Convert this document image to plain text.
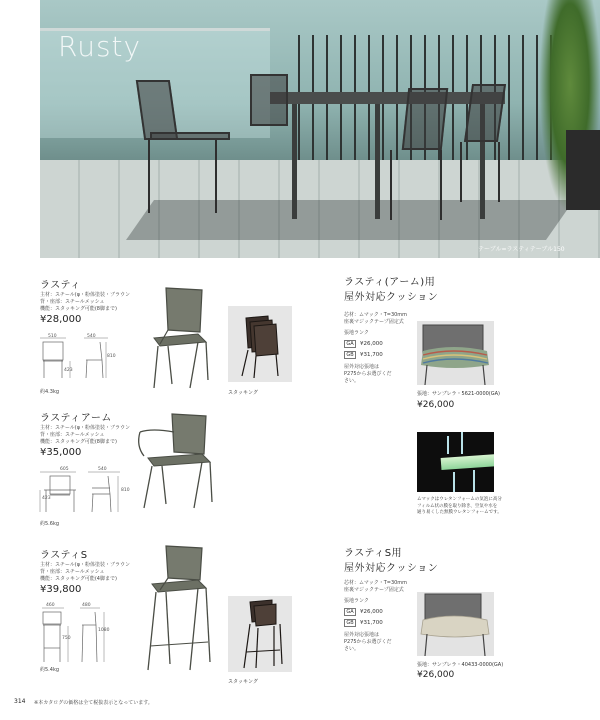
Rusty
テーブル=ラスティテーブル150
ラスティ
主材：スチール(φ・粉体塗装・ブラウン
背・座部：スチールメッシュ
機能：スタッキング可能(8脚まで)
¥28,000
510	540
423
810
約4.3kg	スタッキング
ラスティアーム
主材：スチール(φ・粉体塗装・ブラウン
背・座部：スチールメッシュ
機能：スタッキング可能(8脚まで)
¥35,000
605	540
423
810
約5.6kg
ラスティS
主材：スチール(φ・粉体塗装・ブラウン
背・座部：スチールメッシュ
機能：スタッキング可能(4脚まで)
¥39,800
460	480
750
1080
約5.4kg
スタッキング
ラスティ(アーム)用
屋外対応クッション
芯材：ムマック・T=30mm
座裏マジックテープ固定式
張地ランク
GA	¥26,000
GB	¥31,700
屋外対応張地は
P275からお選びくだ
さい。
張地：サンブレラ・5621-0000(GA)
¥26,000
ムマックはウレタンフォームの気泡に高分
フィルム状の膜を取り除き、空気や水を
通り易くした無膜ウレタンフォームです。
ラスティS用
屋外対応クッション
芯材：ムマック・T=30mm
座裏マジックテープ固定式
張地ランク
GA	¥26,000
GB	¥31,700
屋外対応張地は
P275からお選びくだ
さい。
張地：サンブレラ・40433-0000(GA)
¥26,000
314 ※本カタログの価格は全て税抜表示となっています。
